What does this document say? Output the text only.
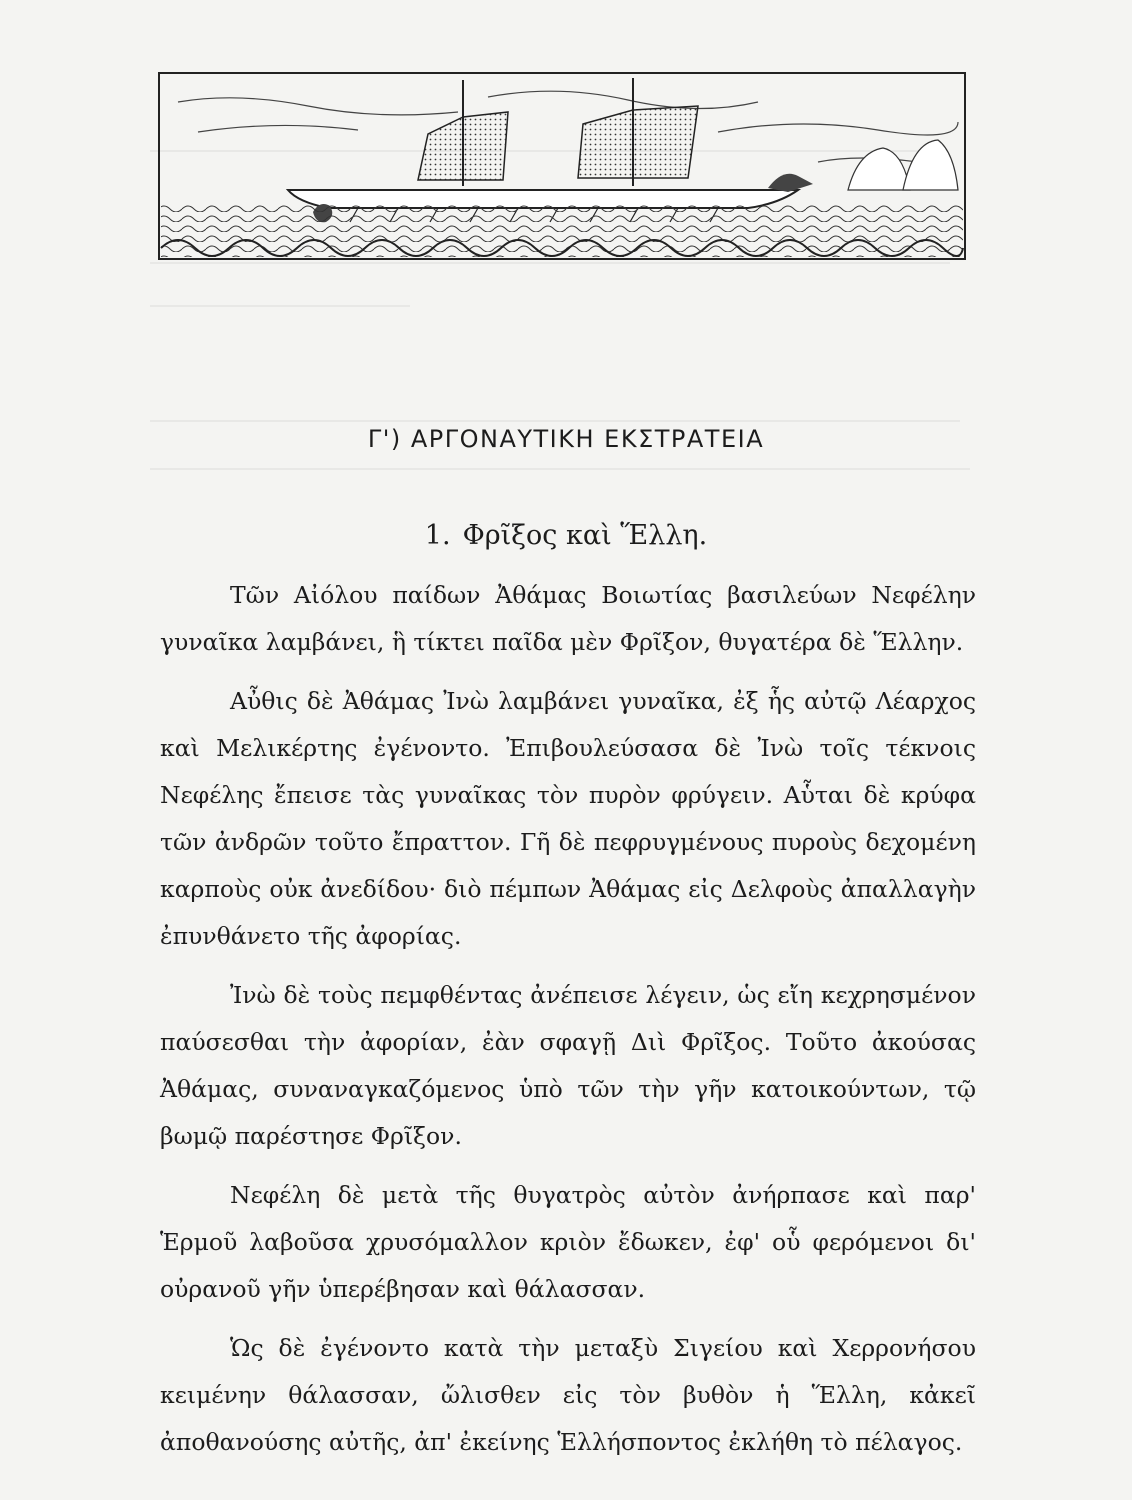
Γ') ΑΡΓΟΝΑΥΤΙΚΗ ΕΚΣΤΡΑΤΕΙΑ
1. Φρῖξος καὶ Ἕλλη.

Τῶν Αἰόλου παίδων Ἀθάμας Βοιωτίας βασιλεύων Νεφέλην γυναῖκα λαμβάνει, ἣ τίκτει παῖδα μὲν Φρῖξον, θυγατέρα δὲ Ἕλλην.

Αὖθις δὲ Ἀθάμας Ἰνὼ λαμβάνει γυναῖκα, ἐξ ἧς αὐτῷ Λέαρχος καὶ Μελικέρτης ἐγένοντο. Ἐπιβουλεύσασα δὲ Ἰνὼ τοῖς τέκνοις Νεφέλης ἔπεισε τὰς γυναῖκας τὸν πυρὸν φρύγειν. Αὗται δὲ κρύφα τῶν ἀνδρῶν τοῦτο ἔπραττον. Γῆ δὲ πεφρυγμένους πυροὺς δεχομένη καρποὺς οὐκ ἀνεδίδου· διὸ πέμπων Ἀθάμας εἰς Δελφοὺς ἀπαλλαγὴν ἐπυνθάνετο τῆς ἀφορίας.

Ἰνὼ δὲ τοὺς πεμφθέντας ἀνέπεισε λέγειν, ὡς εἴη κεχρησμένον παύσεσθαι τὴν ἀφορίαν, ἐὰν σφαγῇ Διὶ Φρῖξος. Τοῦτο ἀκούσας Ἀθάμας, συναναγκαζόμενος ὑπὸ τῶν τὴν γῆν κατοικούντων, τῷ βωμῷ παρέστησε Φρῖξον.

Νεφέλη δὲ μετὰ τῆς θυγατρὸς αὐτὸν ἀνήρπασε καὶ παρ' Ἑρμοῦ λαβοῦσα χρυσόμαλλον κριὸν ἔδωκεν, ἐφ' οὗ φερόμενοι δι' οὐρανοῦ γῆν ὑπερέβησαν καὶ θάλασσαν.

Ὡς δὲ ἐγένοντο κατὰ τὴν μεταξὺ Σιγείου καὶ Χερρονήσου κειμένην θάλασσαν, ὤλισθεν εἰς τὸν βυθὸν ἡ Ἕλλη, κἀκεῖ ἀποθανούσης αὐτῆς, ἀπ' ἐκείνης Ἑλλήσποντος ἐκλήθη τὸ πέλαγος.
